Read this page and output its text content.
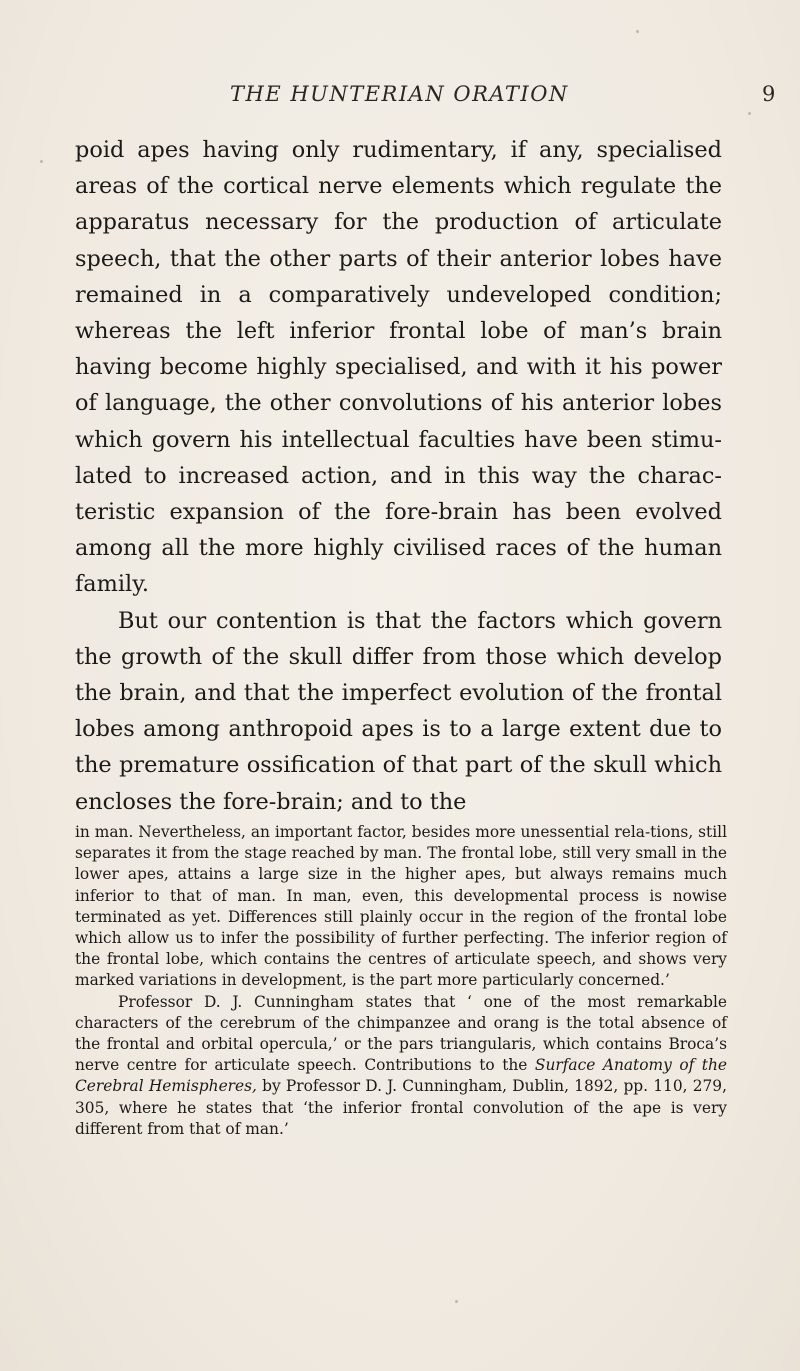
THE HUNTERIAN ORATION	9

poid apes having only rudimentary, if any, specialised areas of the cortical nerve elements which regulate the apparatus necessary for the production of articulate speech, that the other parts of their anterior lobes have remained in a comparatively undeveloped condition; whereas the left inferior frontal lobe of man’s brain having become highly specialised, and with it his power of language, the other convolutions of his anterior lobes which govern his intellectual faculties have been stimu-lated to increased action, and in this way the charac-teristic expansion of the fore-brain has been evolved among all the more highly civilised races of the human family.

But our contention is that the factors which govern the growth of the skull differ from those which develop the brain, and that the imperfect evolution of the frontal lobes among anthropoid apes is to a large extent due to the premature ossification of that part of the skull which encloses the fore-brain; and to the

in man. Nevertheless, an important factor, besides more unessential rela-tions, still separates it from the stage reached by man. The frontal lobe, still very small in the lower apes, attains a large size in the higher apes, but always remains much inferior to that of man. In man, even, this developmental process is nowise terminated as yet. Differences still plainly occur in the region of the frontal lobe which allow us to infer the possibility of further perfecting. The inferior region of the frontal lobe, which contains the centres of articulate speech, and shows very marked variations in development, is the part more particularly concerned.’

Professor D. J. Cunningham states that ‘ one of the most remarkable characters of the cerebrum of the chimpanzee and orang is the total absence of the frontal and orbital opercula,’ or the pars triangularis, which contains Broca’s nerve centre for articulate speech. Contributions to the Surface Anatomy of the Cerebral Hemispheres, by Professor D. J. Cunningham, Dublin, 1892, pp. 110, 279, 305, where he states that ‘the inferior frontal convolution of the ape is very different from that of man.’
